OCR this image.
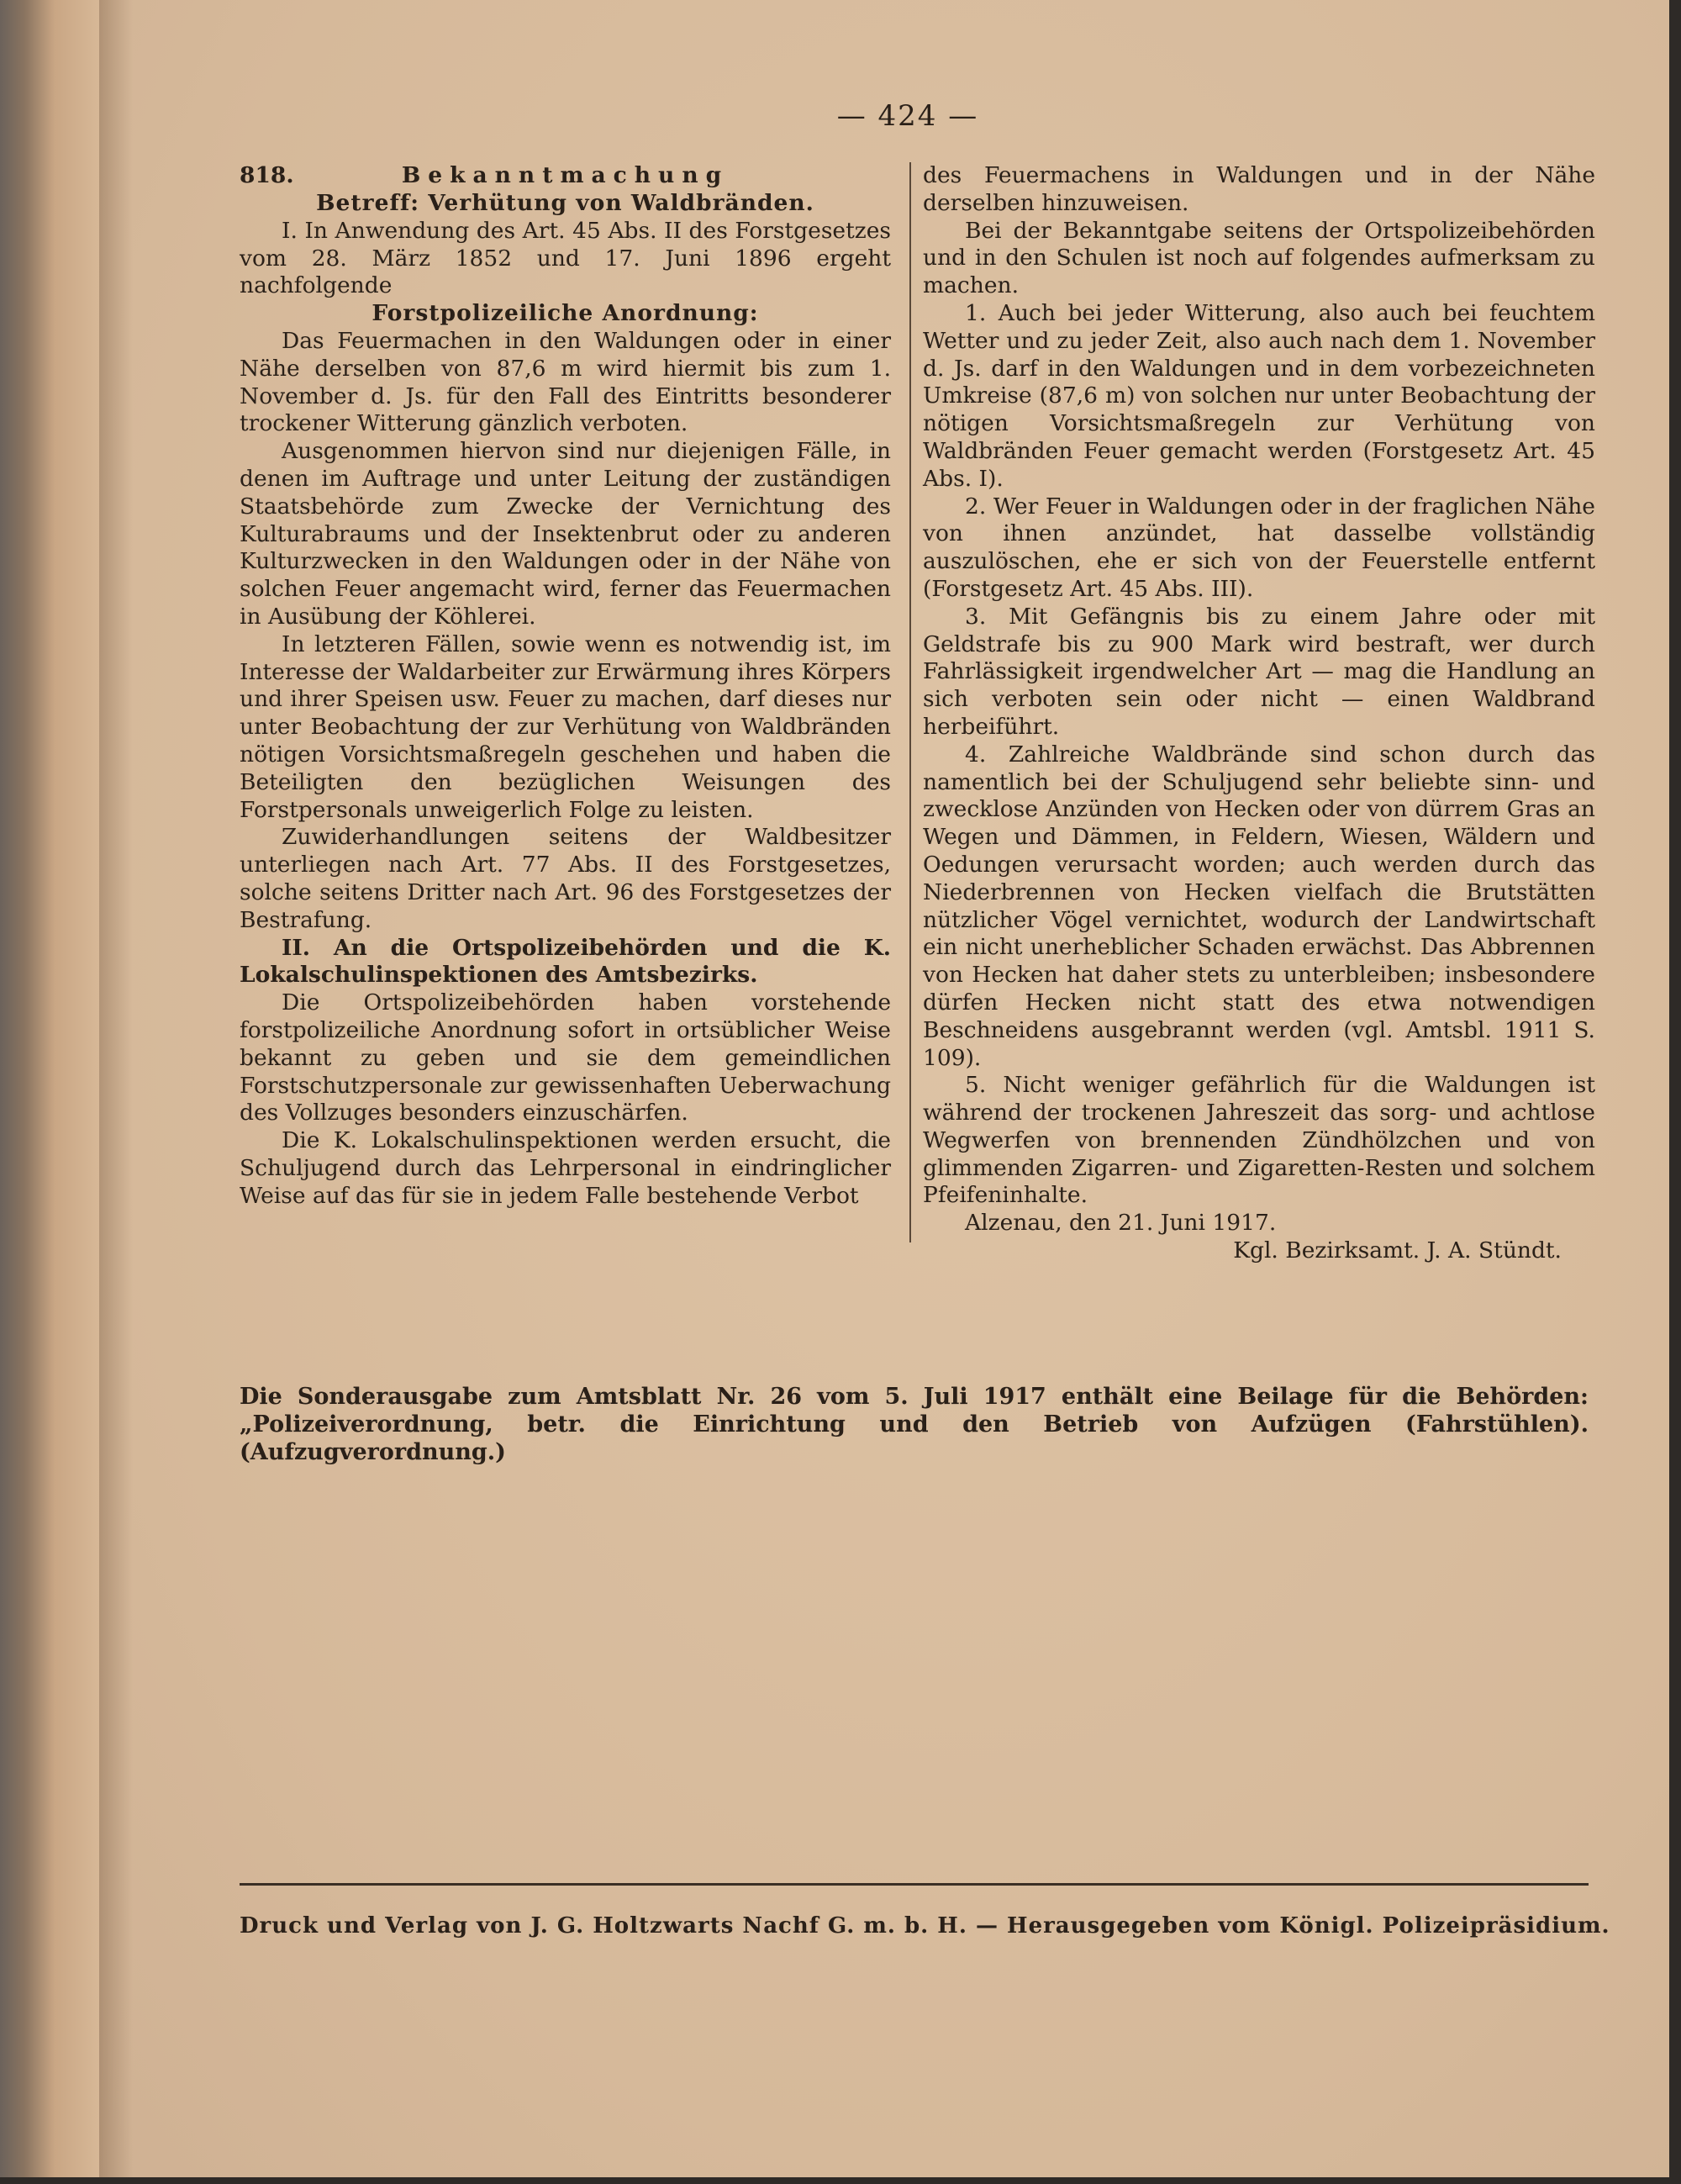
— 424 —
818.	Bekanntmachung
Betreff: Verhütung von Waldbränden.

I. In Anwendung des Art. 45 Abs. II des Forstgesetzes vom 28. März 1852 und 17. Juni 1896 ergeht nachfolgende

Forstpolizeiliche Anordnung:

Das Feuermachen in den Waldungen oder in einer Nähe derselben von 87,6 m wird hiermit bis zum 1. November d. Js. für den Fall des Eintritts besonderer trockener Witterung gänzlich verboten.

Ausgenommen hiervon sind nur diejenigen Fälle, in denen im Auftrage und unter Leitung der zuständigen Staatsbehörde zum Zwecke der Vernichtung des Kulturabraums und der Insektenbrut oder zu anderen Kulturzwecken in den Waldungen oder in der Nähe von solchen Feuer angemacht wird, ferner das Feuermachen in Ausübung der Köhlerei.

In letzteren Fällen, sowie wenn es notwendig ist, im Interesse der Waldarbeiter zur Erwärmung ihres Körpers und ihrer Speisen usw. Feuer zu machen, darf dieses nur unter Beobachtung der zur Verhütung von Waldbränden nötigen Vorsichtsmaßregeln geschehen und haben die Beteiligten den bezüglichen Weisungen des Forstpersonals unweigerlich Folge zu leisten.

Zuwiderhandlungen seitens der Waldbesitzer unterliegen nach Art. 77 Abs. II des Forstgesetzes, solche seitens Dritter nach Art. 96 des Forstgesetzes der Bestrafung.

II. An die Ortspolizeibehörden und die K. Lokalschulinspektionen des Amtsbezirks.

Die Ortspolizeibehörden haben vorstehende forstpolizeiliche Anordnung sofort in ortsüblicher Weise bekannt zu geben und sie dem gemeindlichen Forstschutzpersonale zur gewissenhaften Ueberwachung des Vollzuges besonders einzuschärfen.

Die K. Lokalschulinspektionen werden ersucht, die Schuljugend durch das Lehrpersonal in eindringlicher Weise auf das für sie in jedem Falle bestehende Verbot

des Feuermachens in Waldungen und in der Nähe derselben hinzuweisen.

Bei der Bekanntgabe seitens der Ortspolizeibehörden und in den Schulen ist noch auf folgendes aufmerksam zu machen.

1. Auch bei jeder Witterung, also auch bei feuchtem Wetter und zu jeder Zeit, also auch nach dem 1. November d. Js. darf in den Waldungen und in dem vorbezeichneten Umkreise (87,6 m) von solchen nur unter Beobachtung der nötigen Vorsichtsmaßregeln zur Verhütung von Waldbränden Feuer gemacht werden (Forstgesetz Art. 45 Abs. I).

2. Wer Feuer in Waldungen oder in der fraglichen Nähe von ihnen anzündet, hat dasselbe vollständig auszulöschen, ehe er sich von der Feuerstelle entfernt (Forstgesetz Art. 45 Abs. III).

3. Mit Gefängnis bis zu einem Jahre oder mit Geldstrafe bis zu 900 Mark wird bestraft, wer durch Fahrlässigkeit irgendwelcher Art — mag die Handlung an sich verboten sein oder nicht — einen Waldbrand herbeiführt.

4. Zahlreiche Waldbrände sind schon durch das namentlich bei der Schuljugend sehr beliebte sinn- und zwecklose Anzünden von Hecken oder von dürrem Gras an Wegen und Dämmen, in Feldern, Wiesen, Wäldern und Oedungen verursacht worden; auch werden durch das Niederbrennen von Hecken vielfach die Brutstätten nützlicher Vögel vernichtet, wodurch der Landwirtschaft ein nicht unerheblicher Schaden erwächst. Das Abbrennen von Hecken hat daher stets zu unterbleiben; insbesondere dürfen Hecken nicht statt des etwa notwendigen Beschneidens ausgebrannt werden (vgl. Amtsbl. 1911 S. 109).

5. Nicht weniger gefährlich für die Waldungen ist während der trockenen Jahreszeit das sorg- und achtlose Wegwerfen von brennenden Zündhölzchen und von glimmenden Zigarren- und Zigaretten-Resten und solchem Pfeifeninhalte.

Alzenau, den 21. Juni 1917.

Kgl. Bezirksamt. J. A. Stündt.

Die Sonderausgabe zum Amtsblatt Nr. 26 vom 5. Juli 1917 enthält eine Beilage für die Behörden: „Polizeiverordnung, betr. die Einrichtung und den Betrieb von Aufzügen (Fahrstühlen). (Aufzugverordnung.)

Druck und Verlag von J. G. Holtzwarts Nachf G. m. b. H. — Herausgegeben vom Königl. Polizeipräsidium.
